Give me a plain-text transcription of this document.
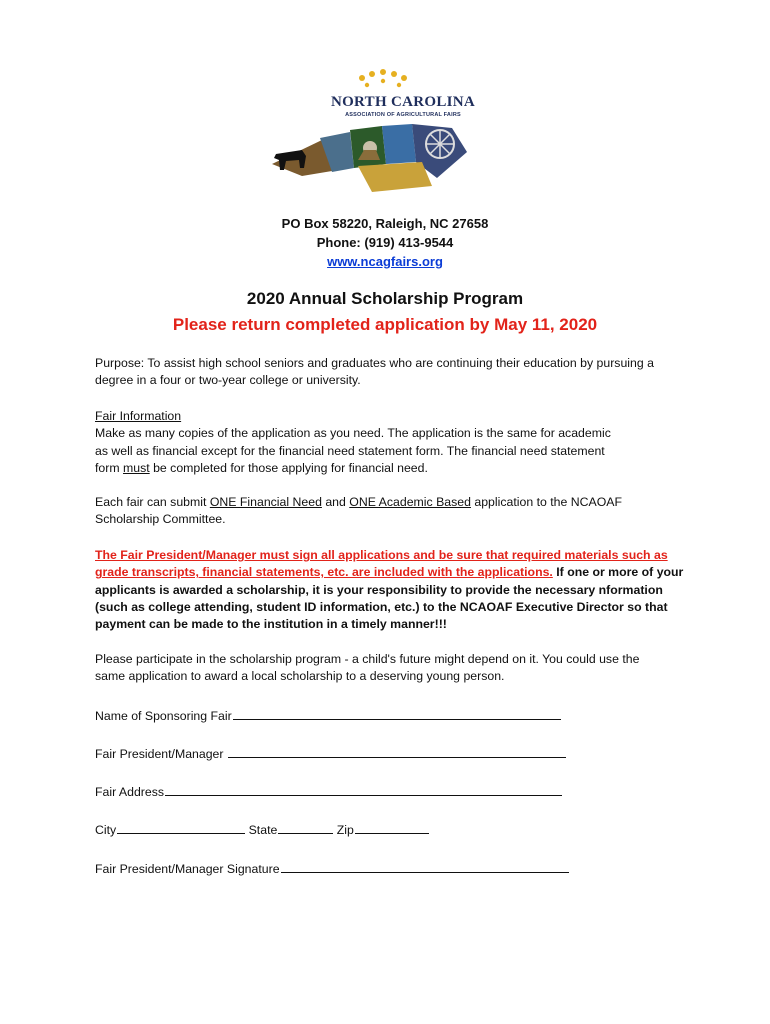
NORTH CAROLINA
ASSOCIATION OF AGRICULTURAL FAIRS
PO Box 58220, Raleigh, NC 27658
Phone: (919) 413-9544
www.ncagfairs.org
2020 Annual Scholarship Program
Please return completed application by May 11, 2020
Purpose: To assist high school seniors and graduates who are continuing their education by pursuing a
degree in a four or two-year college or university.
Fair Information
Make as many copies of the application as you need. The application is the same for academic
as well as financial except for the financial need statement form. The financial need statement
form must be completed for those applying for financial need.
Each fair can submit ONE Financial Need and ONE Academic Based application to the NCAOAF
Scholarship Committee.
The Fair President/Manager must sign all applications and be sure that required materials such as
grade transcripts, financial statements, etc. are included with the applications. If one or more of your
applicants is awarded a scholarship, it is your responsibility to provide the necessary nformation
(such as college attending, student ID information, etc.) to the NCAOAF Executive Director so that
payment can be made to the institution in a timely manner!!!
Please participate in the scholarship program - a child's future might depend on it. You could use the
same application to award a local scholarship to a deserving young person.
Name of Sponsoring Fair
Fair President/Manager
Fair Address
City	State	Zip
Fair President/Manager Signature
